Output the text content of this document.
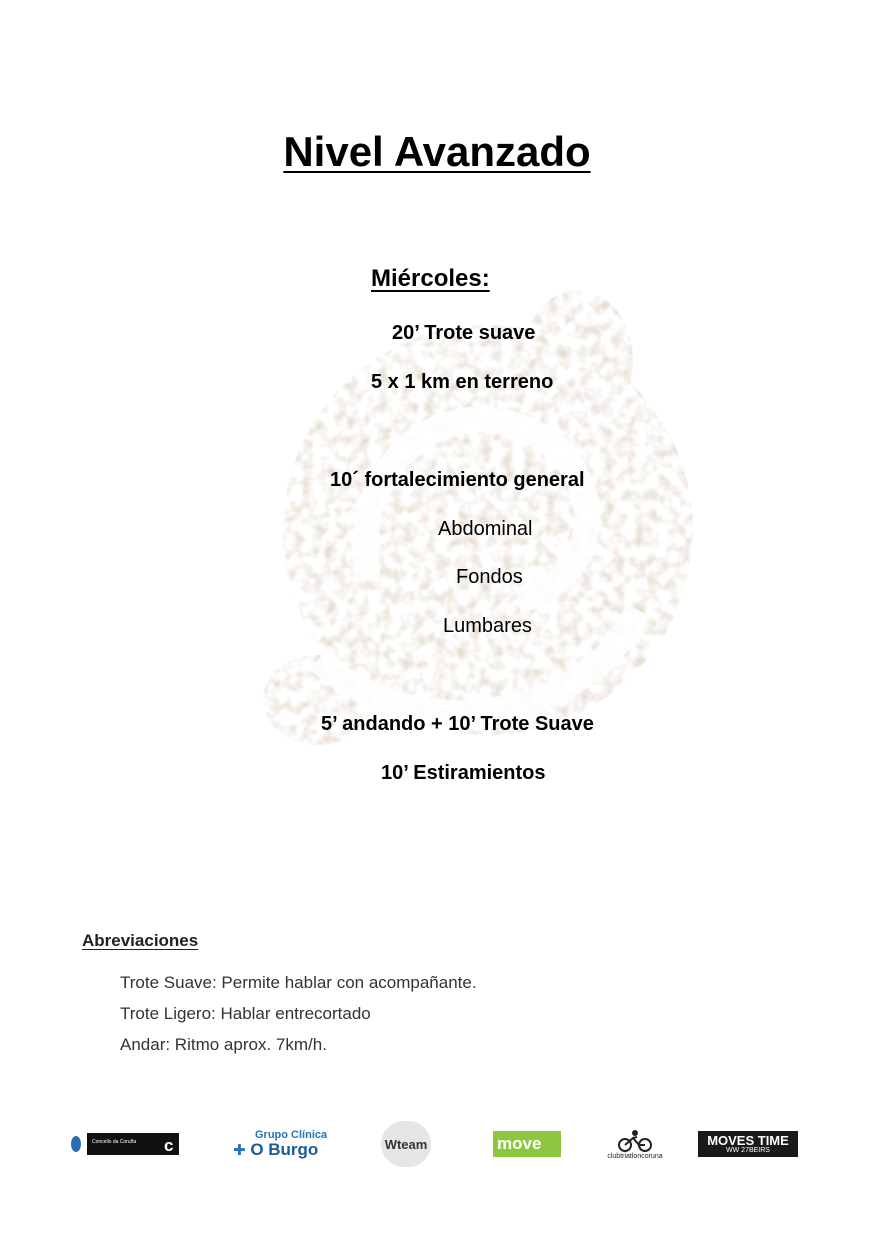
Nivel Avanzado
Miércoles:
20’ Trote suave
5 x 1 km en terreno
10´ fortalecimiento general
Abdominal
Fondos
Lumbares
5’ andando + 10’ Trote Suave
10’ Estiramientos
Abreviaciones
Trote Suave: Permite hablar con acompañante.
Trote Ligero: Hablar entrecortado
Andar: Ritmo aprox. 7km/h.
Concello da Coruña c
Grupo Clínica
✚ O Burgo	Wteam	move
clubtriatloncoruna
MOVES TIME
WW 27BEIRS
